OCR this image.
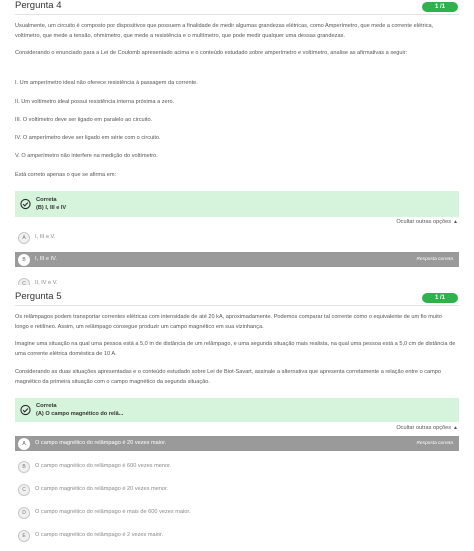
Pergunta 4	1 /1

Usualmente, um circuito é composto por dispositivos que possuem a finalidade de medir algumas grandezas elétricas, como Amperímetro, que mede a corrente elétrica, voltímetro, que mede a tensão, ohmímetro, que mede a resistência e o multímetro, que pode medir qualquer uma dessas grandezas.

Considerando o enunciado para a Lei de Coulomb apresentado acima e o conteúdo estudado sobre amperímetro e voltímetro, analise as afirmativas a seguir:

I. Um amperímetro ideal não oferece resistência à passagem da corrente.

II. Um voltímetro ideal possui resistência interna próxima a zero.

III. O voltímetro deve ser ligado em paralelo ao circuito.

IV. O amperímetro deve ser ligado em série com o circuito.

V. O amperímetro não interfere na medição do voltímetro.

Está correto apenas o que se afirma em:

Correta
(B) I, III e IV
Ocultar outras opções ▲
A	I, III e V.
B	I, III e IV.	Resposta correta
C	II, IV e V.
Pergunta 5	1 /1

Os relâmpagos podem transportar correntes elétricas com intensidade de até 20 kA, aproximadamente. Podemos comparar tal corrente como o equivalente de um fio muito longo e retilíneo. Assim, um relâmpago consegue produzir um campo magnético em sua vizinhança.

Imagine uma situação na qual uma pessoa está a 5,0 m de distância de um relâmpago, e uma segunda situação mais realista, na qual uma pessoa está a 5,0 cm de distância de uma corrente elétrica doméstica de 10 A.

Considerando as duas situações apresentadas e o conteúdo estudado sobre Lei de Biot-Savart, assinale a alternativa que apresenta corretamente a relação entre o campo magnético da primeira situação com o campo magnético da segunda situação.

Correta
(A) O campo magnético do relâ...
Ocultar outras opções ▲
A	O campo magnético do relâmpago é 20 vezes maior.	Resposta correta
B	O campo magnético do relâmpago é 600 vezes menor.
C	O campo magnético do relâmpago é 20 vezes menor.
D	O campo magnético do relâmpago é mais de 600 vezes maior.
E	O campo magnético do relâmpago é 2 vezes maior.
